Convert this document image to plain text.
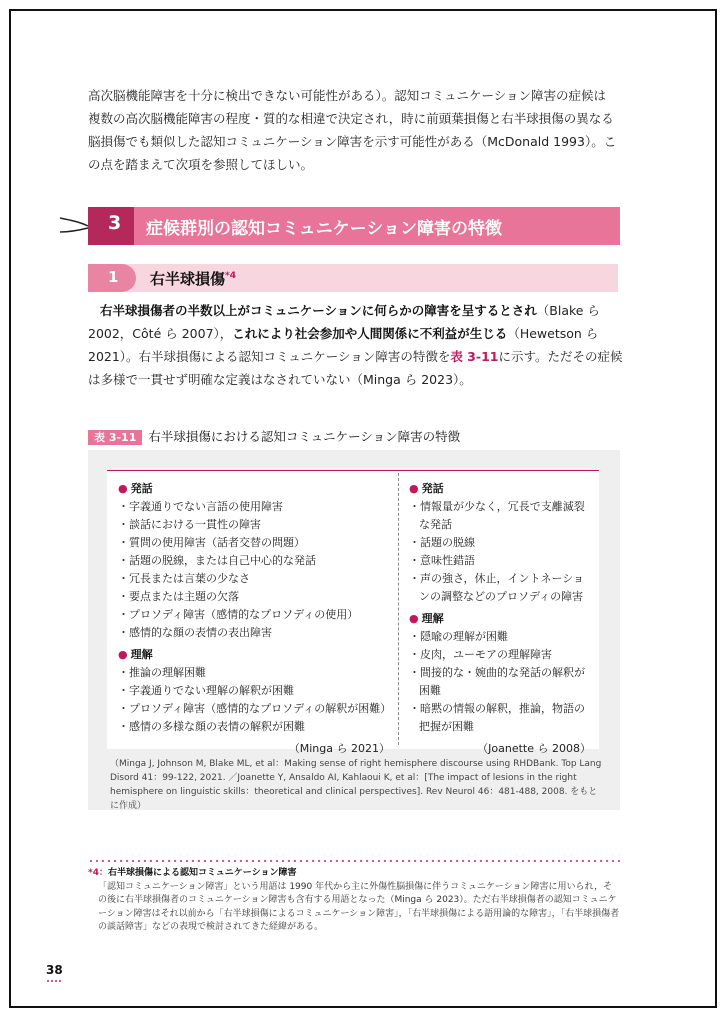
高次脳機能障害を十分に検出できない可能性がある）。認知コミュニケーション障害の症候は

複数の高次脳機能障害の程度・質的な相違で決定され，時に前頭葉損傷と右半球損傷の異なる

脳損傷でも類似した認知コミュニケーション障害を示す可能性がある（McDonald 1993）。こ

の点を踏まえて次項を参照してほしい。

3 症候群別の認知コミュニケーション障害の特徴
1 右半球損傷$^{*4}$

右半球損傷者の半数以上がコミュニケーションに何らかの障害を呈するとされ（Blake ら

2002，Côté ら 2007），これにより社会参加や人間関係に不利益が生じる（Hewetson ら

2021）。右半球損傷による認知コミュニケーション障害の特徴を表 3-11に示す。ただその症候

は多様で一貫せず明確な定義はなされていない（Minga ら 2023）。

表 3-11 右半球損傷における認知コミュニケーション障害の特徴
● 発話
・字義通りでない言語の使用障害
・談話における一貫性の障害
・質問の使用障害（話者交替の問題）
・話題の脱線，または自己中心的な発話
・冗長または言葉の少なさ
・要点または主題の欠落
・プロソディ障害（感情的なプロソディの使用）
・感情的な顔の表情の表出障害
● 理解
・推論の理解困難
・字義通りでない理解の解釈が困難
・プロソディ障害（感情的なプロソディの解釈が困難）
・感情の多様な顔の表情の解釈が困難
（Minga ら 2021）
● 発話
・情報量が少なく，冗長で支離滅裂な発話
・話題の脱線
・意味性錯語
・声の強さ，休止，イントネーションの調整などのプロソディの障害
● 理解
・隠喩の理解が困難
・皮肉，ユーモアの理解障害
・間接的な・婉曲的な発話の解釈が困難
・暗黙の情報の解釈，推論，物語の把握が困難
（Joanette ら 2008）
（Minga J, Johnson M, Blake ML, et al：Making sense of right hemisphere discourse using RHDBank. Top Lang Disord 41：99-122, 2021. ／Joanette Y, Ansaldo AI, Kahlaoui K, et al：[The impact of lesions in the right hemisphere on linguistic skills：theoretical and clinical perspectives]. Rev Neurol 46：481-488, 2008. をもとに作成）
*4：右半球損傷による認知コミュニケーション障害
「認知コミュニケーション障害」という用語は 1990 年代から主に外傷性脳損傷に伴うコミュニケーション障害に用いられ，その後に右半球損傷者のコミュニケーション障害も含有する用語となった（Minga ら 2023）。ただ右半球損傷者の認知コミュニケーション障害はそれ以前から「右半球損傷によるコミュニケーション障害」，「右半球損傷による語用論的な障害」，「右半球損傷者の談話障害」などの表現で検討されてきた経緯がある。
38
